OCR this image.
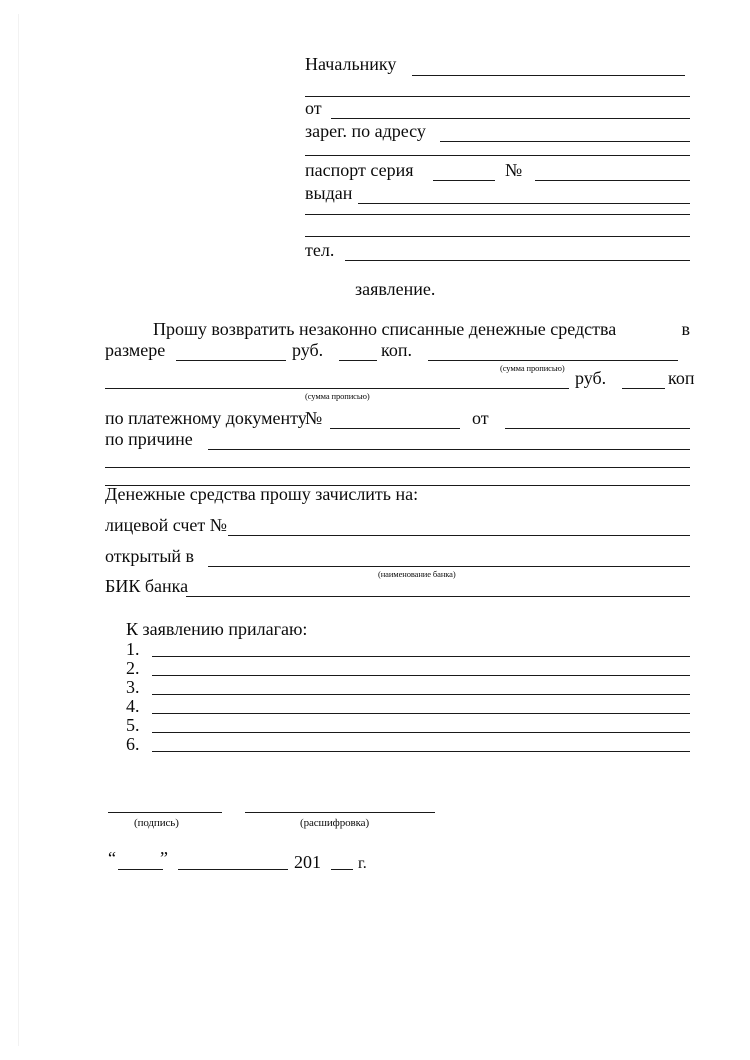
Начальнику
от
зарег. по адресу
паспорт серия	№
выдан
тел.
заявление.
в
Прошу возвратить незаконно списанные денежные средства
размере	руб.	коп.
(сумма прописью)
(сумма прописью)
руб.	коп
по платежному документу
№	от
по причине
Денежные средства прошу зачислить на:
лицевой счет №
открытый в
(наименование банка)
БИК банка
К заявлению прилагаю:
1.
2.
3.
4.
5.
6.
(подпись)	(расшифровка)
“ ”	201 г.
